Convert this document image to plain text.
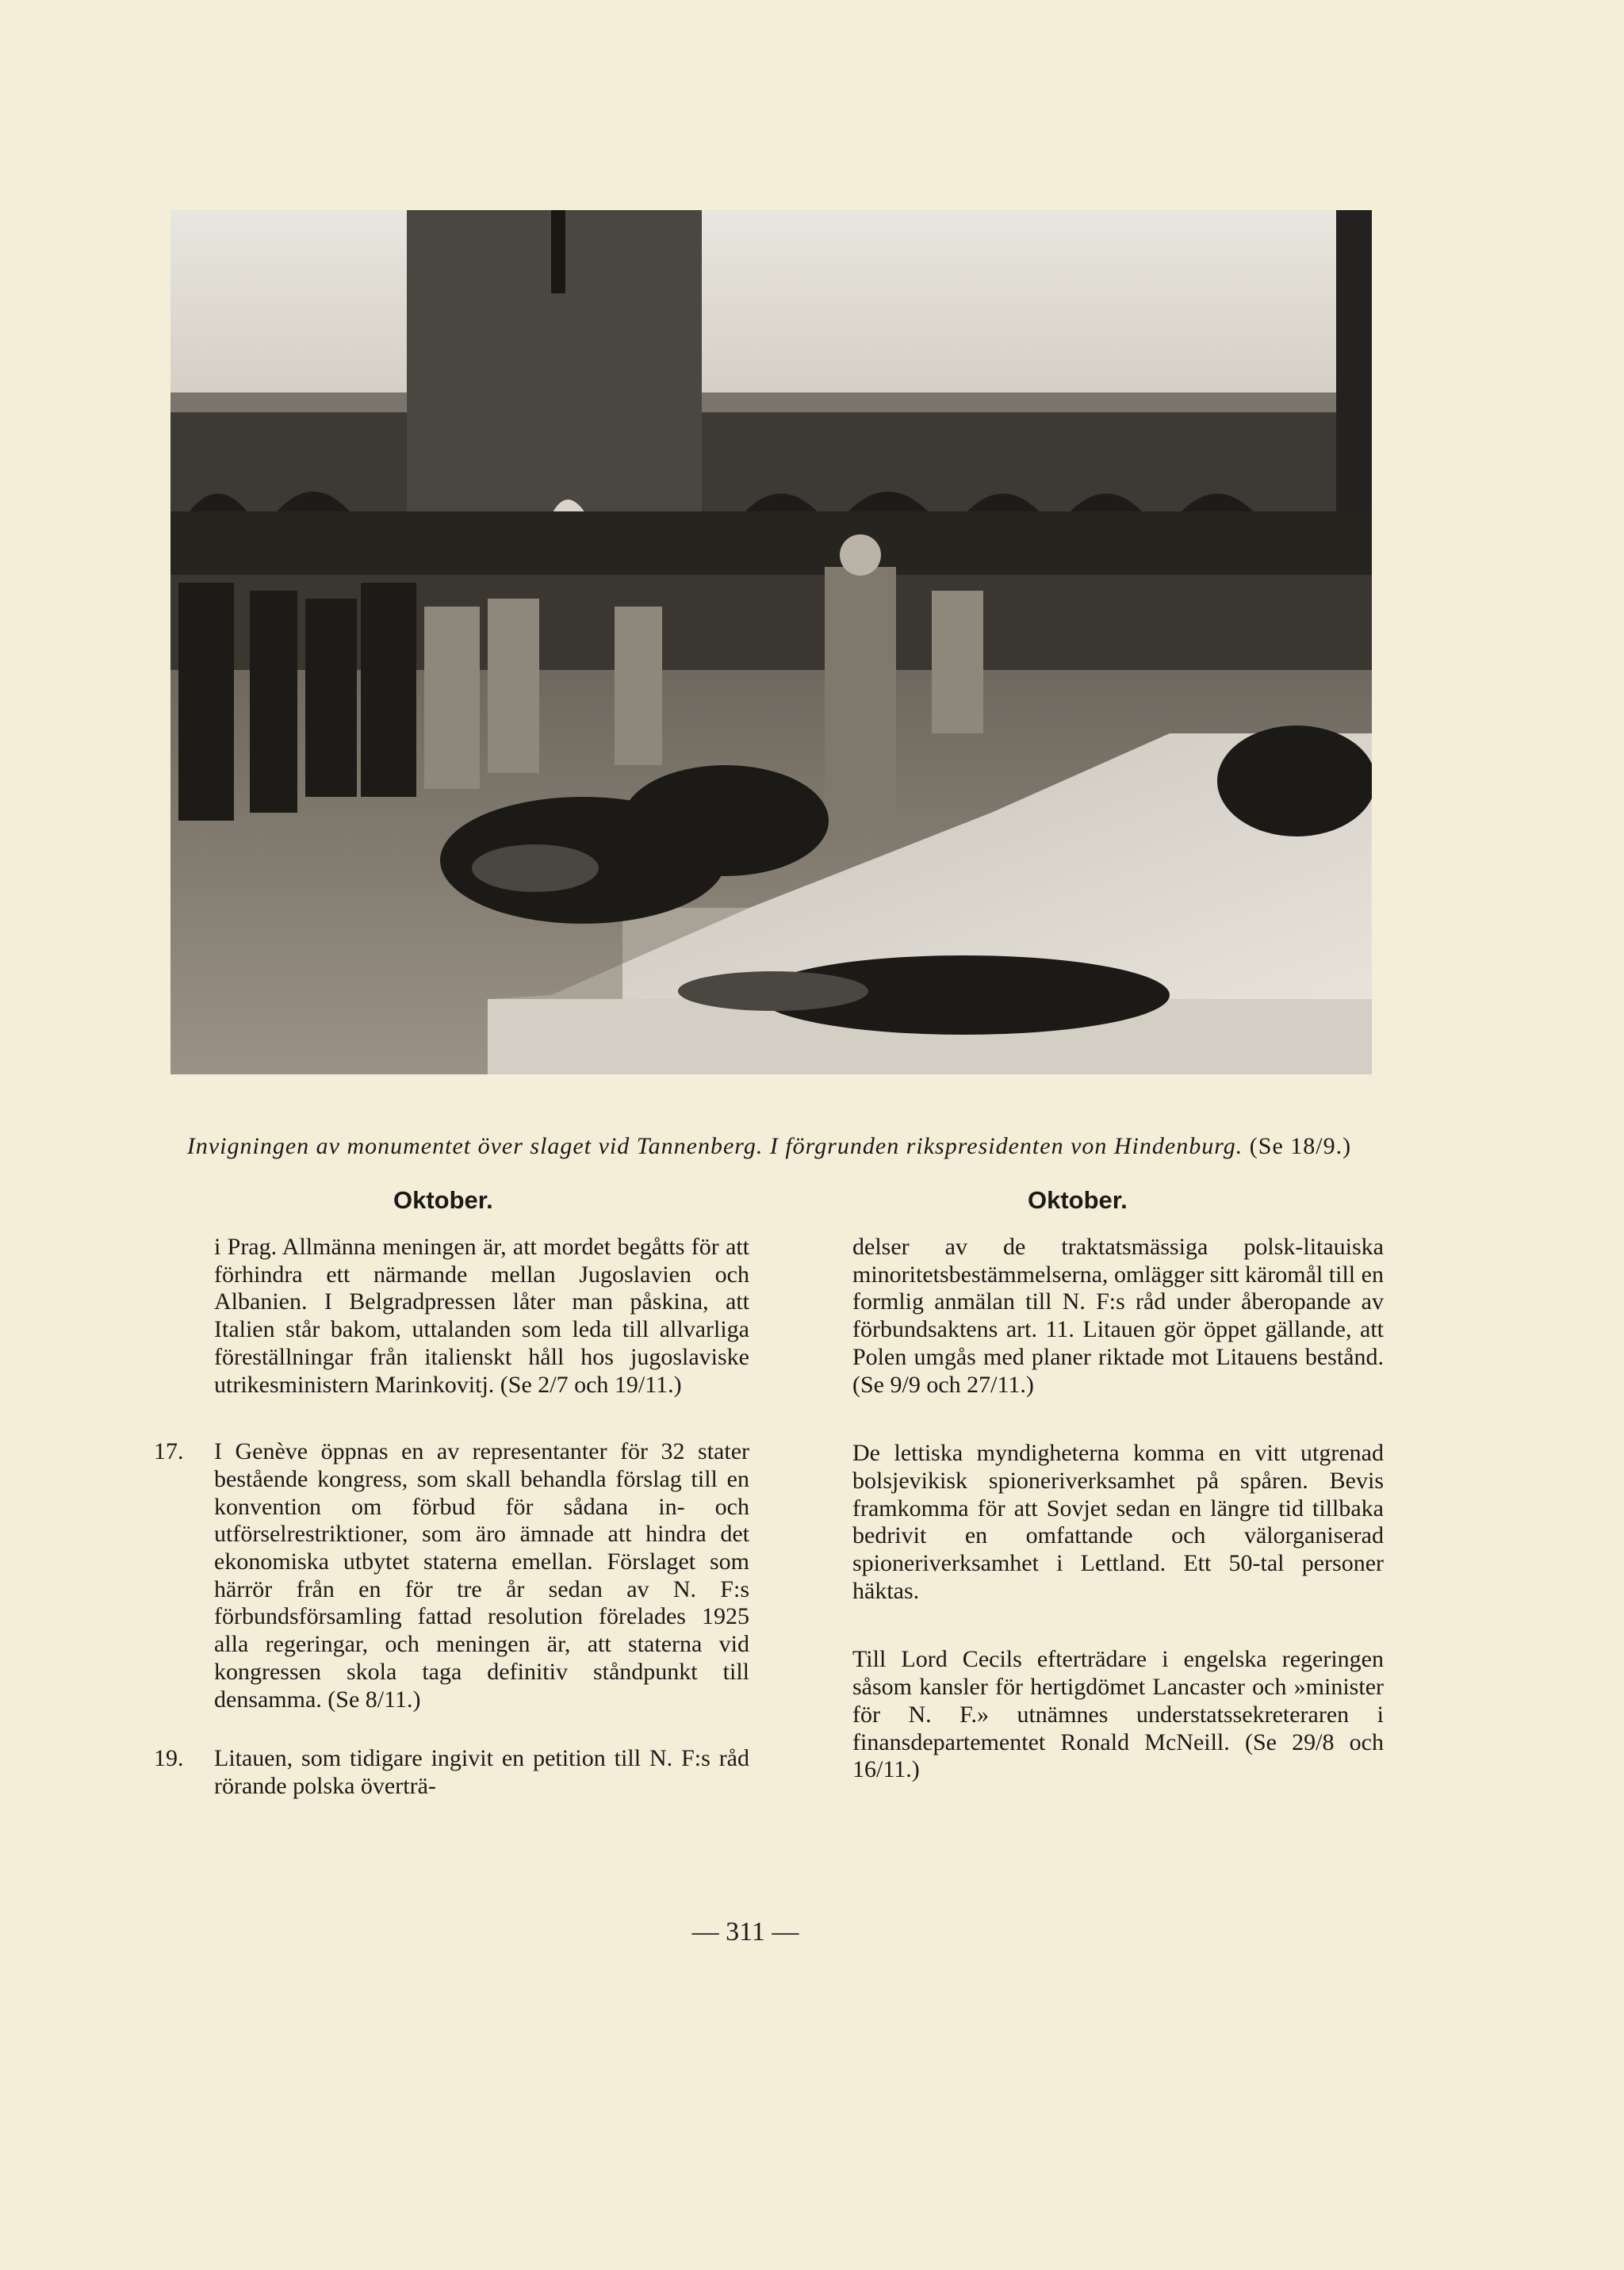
Invigningen av monumentet över slaget vid Tannenberg. I förgrunden rikspresidenten von Hindenburg. (Se 18/9.)
Oktober.	Oktober.
i Prag. Allmänna meningen är, att mordet begåtts för att förhindra ett närmande mellan Jugoslavien och Albanien. I Belgradpressen låter man påskina, att Italien står bakom, uttalanden som leda till allvarliga föreställningar från italienskt håll hos jugoslaviske utrikesministern Marinkovitj. (Se 2/7 och 19/11.)
17. I Genève öppnas en av representanter för 32 stater bestående kongress, som skall behandla förslag till en konvention om förbud för sådana in- och utförselrestriktioner, som äro ämnade att hindra det ekonomiska utbytet staterna emellan. Förslaget som härrör från en för tre år sedan av N. F:s förbundsförsamling fattad resolution förelades 1925 alla regeringar, och meningen är, att staterna vid kongressen skola taga definitiv ståndpunkt till densamma. (Se 8/11.)
19. Litauen, som tidigare ingivit en petition till N. F:s råd rörande polska överträ-
delser av de traktatsmässiga polsk-litauiska minoritetsbestämmelserna, omlägger sitt käromål till en formlig anmälan till N. F:s råd under åberopande av förbundsaktens art. 11. Litauen gör öppet gällande, att Polen umgås med planer riktade mot Litauens bestånd. (Se 9/9 och 27/11.)
De lettiska myndigheterna komma en vitt utgrenad bolsjevikisk spioneriverksamhet på spåren. Bevis framkomma för att Sovjet sedan en längre tid tillbaka bedrivit en omfattande och välorganiserad spioneriverksamhet i Lettland. Ett 50-tal personer häktas.
Till Lord Cecils efterträdare i engelska regeringen såsom kansler för hertigdömet Lancaster och »minister för N. F.» utnämnes understatssekreteraren i finansdepartementet Ronald McNeill. (Se 29/8 och 16/11.)
— 311 —
